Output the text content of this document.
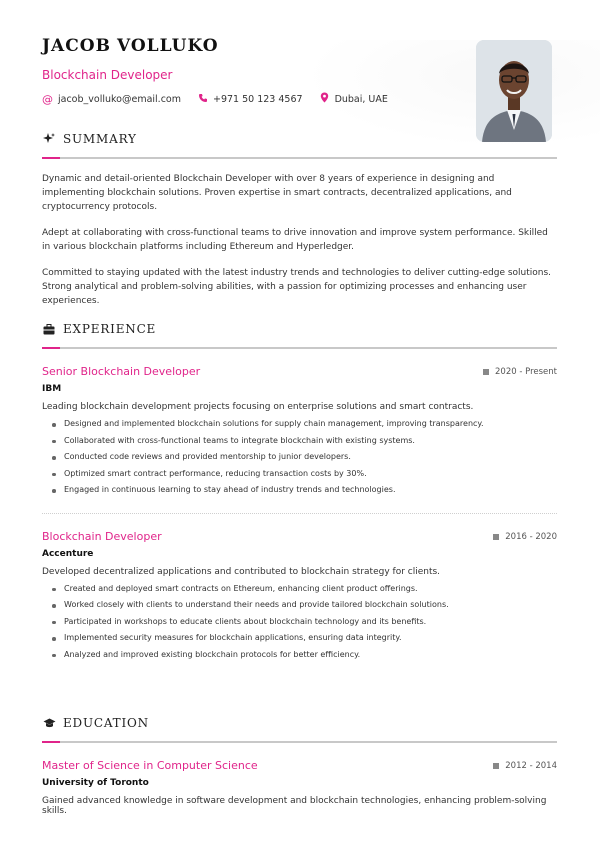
JACOB VOLLUKO
Blockchain Developer
@ jacob_volluko@email.com	+971 50 123 4567	Dubai, UAE
SUMMARY

Dynamic and detail-oriented Blockchain Developer with over 8 years of experience in designing and implementing blockchain solutions. Proven expertise in smart contracts, decentralized applications, and cryptocurrency protocols.

Adept at collaborating with cross-functional teams to drive innovation and improve system performance. Skilled in various blockchain platforms including Ethereum and Hyperledger.

Committed to staying updated with the latest industry trends and technologies to deliver cutting-edge solutions. Strong analytical and problem-solving abilities, with a passion for optimizing processes and enhancing user experiences.

EXPERIENCE
Senior Blockchain Developer	2020 - Present
IBM
Leading blockchain development projects focusing on enterprise solutions and smart contracts.
Designed and implemented blockchain solutions for supply chain management, improving transparency.
Collaborated with cross-functional teams to integrate blockchain with existing systems.
Conducted code reviews and provided mentorship to junior developers.
Optimized smart contract performance, reducing transaction costs by 30%.
Engaged in continuous learning to stay ahead of industry trends and technologies.
Blockchain Developer	2016 - 2020
Accenture
Developed decentralized applications and contributed to blockchain strategy for clients.
Created and deployed smart contracts on Ethereum, enhancing client product offerings.
Worked closely with clients to understand their needs and provide tailored blockchain solutions.
Participated in workshops to educate clients about blockchain technology and its benefits.
Implemented security measures for blockchain applications, ensuring data integrity.
Analyzed and improved existing blockchain protocols for better efficiency.
EDUCATION
Master of Science in Computer Science	2012 - 2014
University of Toronto
Gained advanced knowledge in software development and blockchain technologies, enhancing problem-solving skills.
